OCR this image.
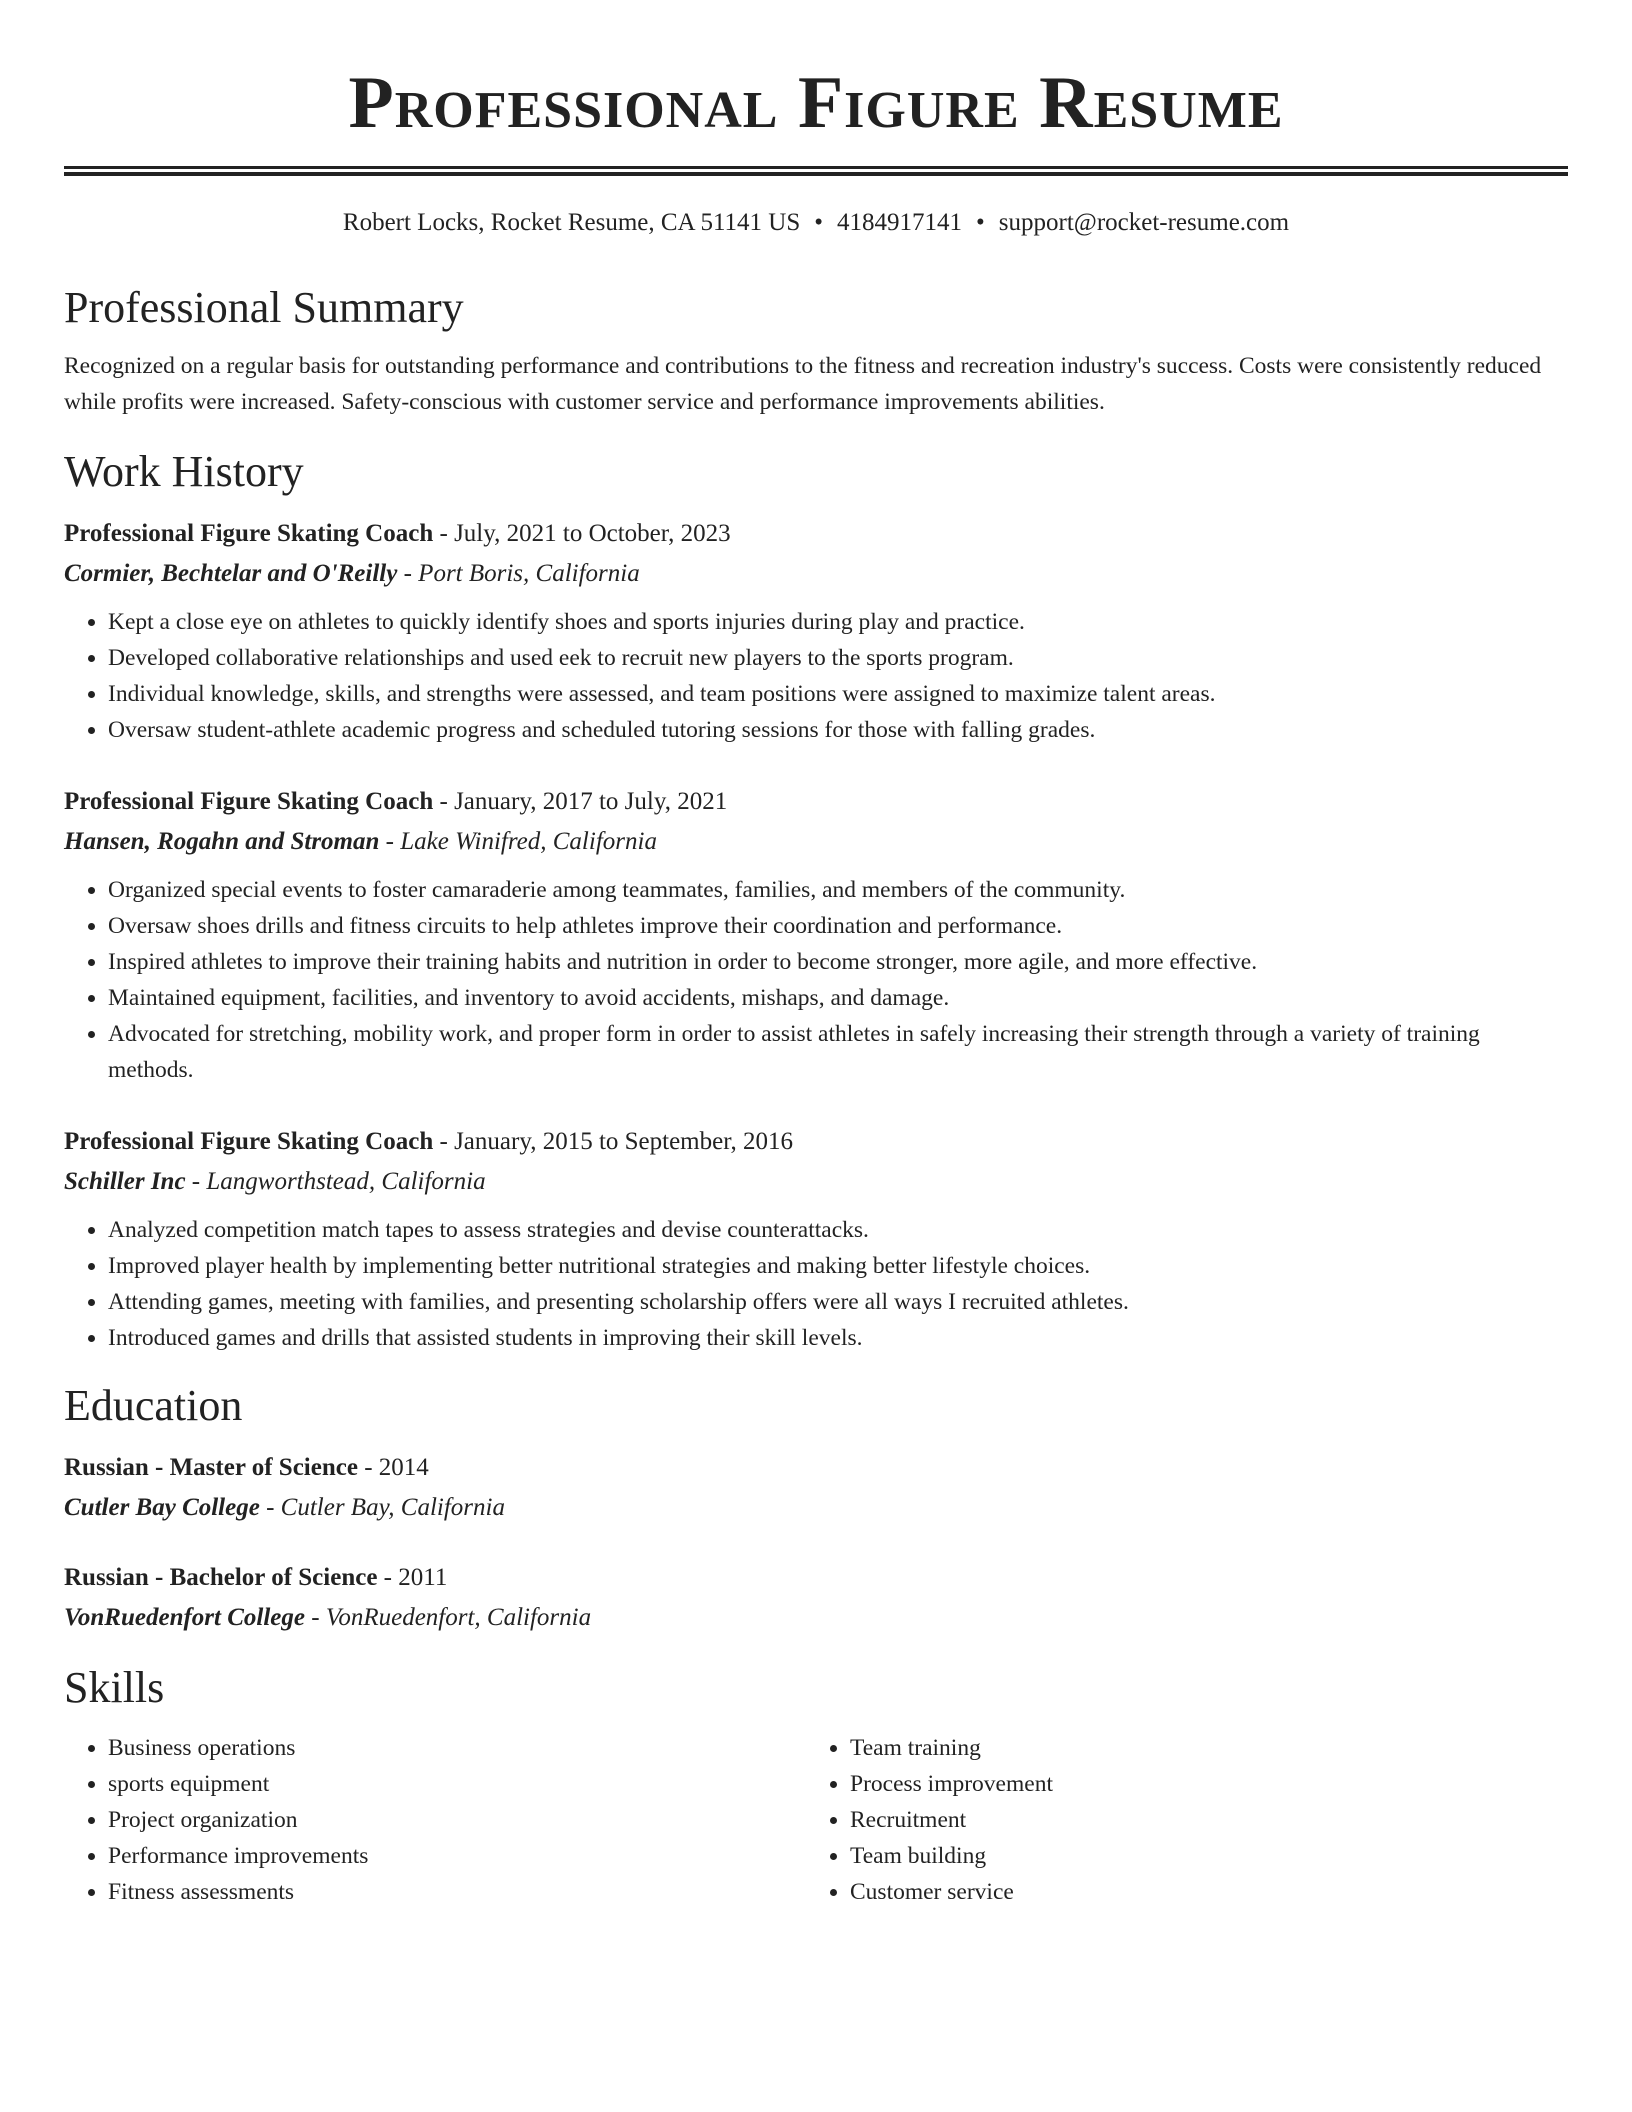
Professional Figure Resume
Robert Locks, Rocket Resume, CA 51141 US • 4184917141 • support@rocket-resume.com
Professional Summary

Recognized on a regular basis for outstanding performance and contributions to the fitness and recreation industry's success. Costs were consistently reduced while profits were increased. Safety-conscious with customer service and performance improvements abilities.

Work History
Professional Figure Skating Coach - July, 2021 to October, 2023
Cormier, Bechtelar and O'Reilly - Port Boris, California
• Kept a close eye on athletes to quickly identify shoes and sports injuries during play and practice.
• Developed collaborative relationships and used eek to recruit new players to the sports program.
• Individual knowledge, skills, and strengths were assessed, and team positions were assigned to maximize talent areas.
• Oversaw student-athlete academic progress and scheduled tutoring sessions for those with falling grades.
Professional Figure Skating Coach - January, 2017 to July, 2021
Hansen, Rogahn and Stroman - Lake Winifred, California
• Organized special events to foster camaraderie among teammates, families, and members of the community.
• Oversaw shoes drills and fitness circuits to help athletes improve their coordination and performance.
• Inspired athletes to improve their training habits and nutrition in order to become stronger, more agile, and more effective.
• Maintained equipment, facilities, and inventory to avoid accidents, mishaps, and damage.
• Advocated for stretching, mobility work, and proper form in order to assist athletes in safely increasing their strength through a variety of training methods.
Professional Figure Skating Coach - January, 2015 to September, 2016
Schiller Inc - Langworthstead, California
• Analyzed competition match tapes to assess strategies and devise counterattacks.
• Improved player health by implementing better nutritional strategies and making better lifestyle choices.
• Attending games, meeting with families, and presenting scholarship offers were all ways I recruited athletes.
• Introduced games and drills that assisted students in improving their skill levels.
Education
Russian - Master of Science - 2014
Cutler Bay College - Cutler Bay, California
Russian - Bachelor of Science - 2011
VonRuedenfort College - VonRuedenfort, California
Skills
• Business operations
• sports equipment
• Project organization
• Performance improvements
• Fitness assessments
• Team training
• Process improvement
• Recruitment
• Team building
• Customer service
